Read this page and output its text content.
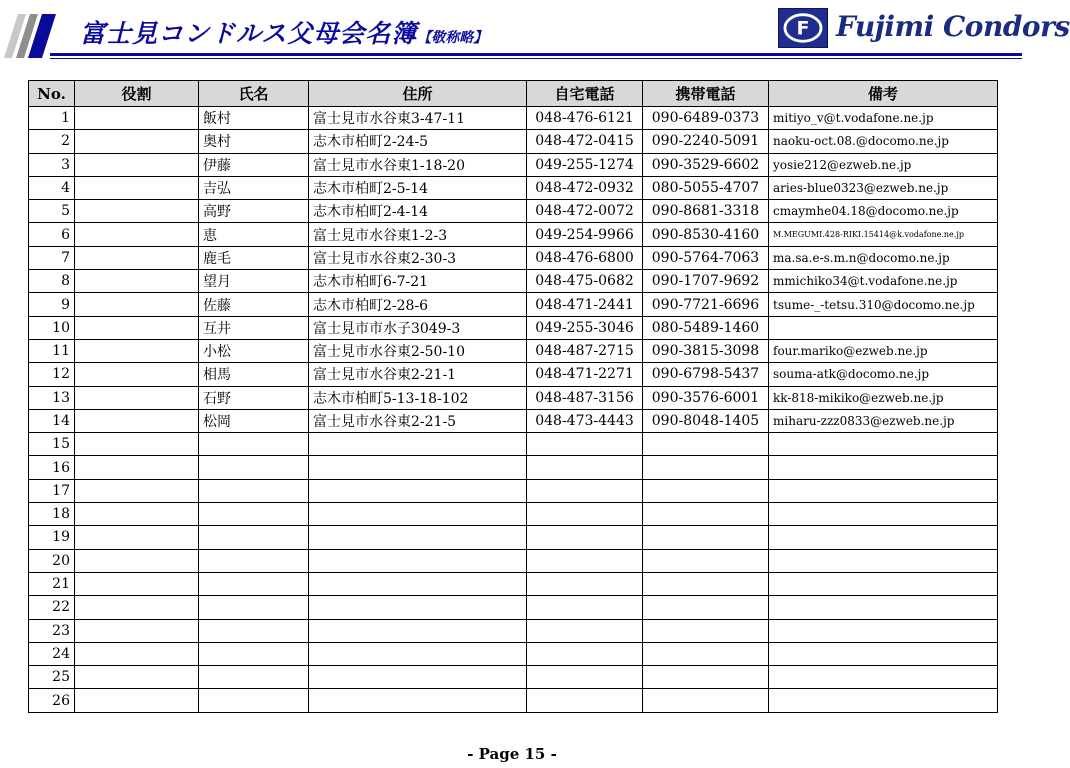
富士見コンドルス父母会名簿【敬称略】	F Fujimi Condors
No.	役割	氏名	住所	自宅電話	携帯電話	備考
1		飯村	富士見市水谷東3-47-11	048-476-6121	090-6489-0373	mitiyo_v@t.vodafone.ne.jp
2		奥村	志木市柏町2-24-5	048-472-0415	090-2240-5091	naoku-oct.08.@docomo.ne.jp
3		伊藤	富士見市水谷東1-18-20	049-255-1274	090-3529-6602	yosie212@ezweb.ne.jp
4		吉弘	志木市柏町2-5-14	048-472-0932	080-5055-4707	aries-blue0323@ezweb.ne.jp
5		高野	志木市柏町2-4-14	048-472-0072	090-8681-3318	cmaymhe04.18@docomo.ne.jp
6		恵	富士見市水谷東1-2-3	049-254-9966	090-8530-4160	M.MEGUMI.428-RIKI.15414@k.vodafone.ne.jp
7		鹿毛	富士見市水谷東2-30-3	048-476-6800	090-5764-7063	ma.sa.e-s.m.n@docomo.ne.jp
8		望月	志木市柏町6-7-21	048-475-0682	090-1707-9692	mmichiko34@t.vodafone.ne.jp
9		佐藤	志木市柏町2-28-6	048-471-2441	090-7721-6696	tsume-_-tetsu.310@docomo.ne.jp
10		互井	富士見市市水子3049-3	049-255-3046	080-5489-1460	
11		小松	富士見市水谷東2-50-10	048-487-2715	090-3815-3098	four.mariko@ezweb.ne.jp
12		相馬	富士見市水谷東2-21-1	048-471-2271	090-6798-5437	souma-atk@docomo.ne.jp
13		石野	志木市柏町5-13-18-102	048-487-3156	090-3576-6001	kk-818-mikiko@ezweb.ne.jp
14		松岡	富士見市水谷東2-21-5	048-473-4443	090-8048-1405	miharu-zzz0833@ezweb.ne.jp
15						
16						
17						
18						
19						
20						
21						
22						
23						
24						
25						
26						
- Page 15 -
